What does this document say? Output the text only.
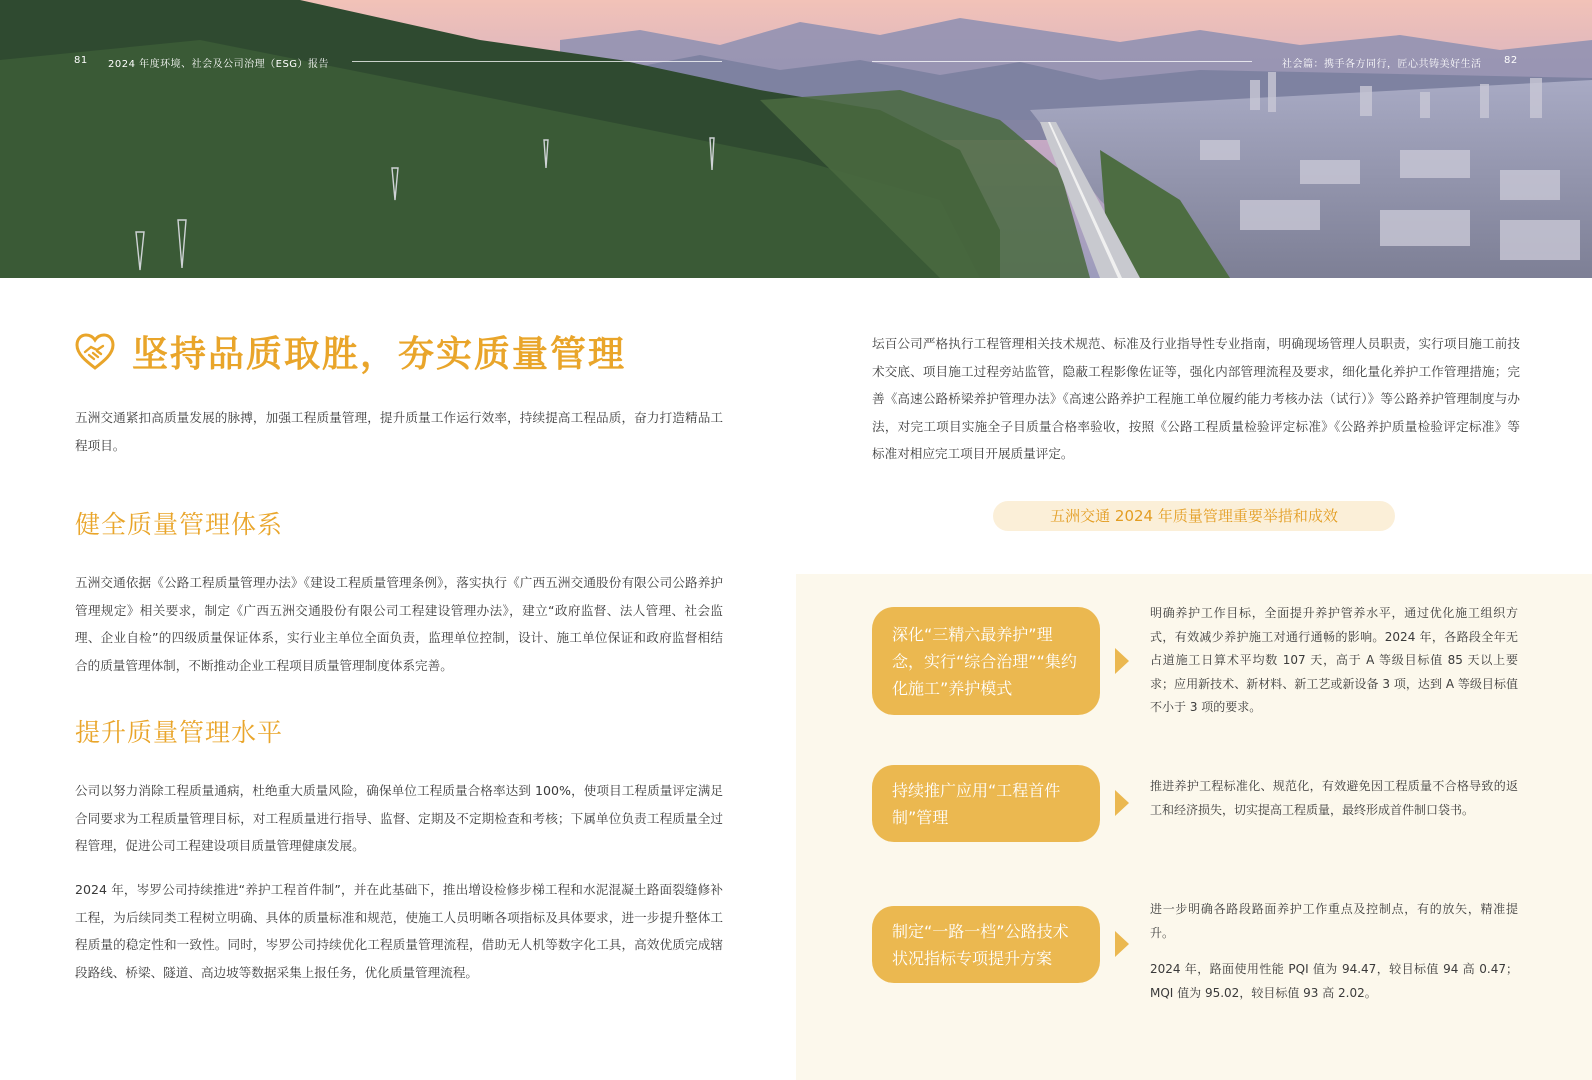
81 2024 年度环境、社会及公司治理（ESG）报告	社会篇：携手各方同行，匠心共铸美好生活 82
坚持品质取胜，夯实质量管理

五洲交通紧扣高质量发展的脉搏，加强工程质量管理，提升质量工作运行效率，持续提高工程品质，奋力打造精品工程项目。

健全质量管理体系

五洲交通依据《公路工程质量管理办法》《建设工程质量管理条例》，落实执行《广西五洲交通股份有限公司公路养护管理规定》相关要求，制定《广西五洲交通股份有限公司工程建设管理办法》，建立“政府监督、法人管理、社会监理、企业自检”的四级质量保证体系，实行业主单位全面负责，监理单位控制，设计、施工单位保证和政府监督相结合的质量管理体制，不断推动企业工程项目质量管理制度体系完善。

提升质量管理水平

公司以努力消除工程质量通病，杜绝重大质量风险，确保单位工程质量合格率达到 100%，使项目工程质量评定满足合同要求为工程质量管理目标，对工程质量进行指导、监督、定期及不定期检查和考核；下属单位负责工程质量全过程管理，促进公司工程建设项目质量管理健康发展。

2024 年，岑罗公司持续推进“养护工程首件制”，并在此基础下，推出增设检修步梯工程和水泥混凝土路面裂缝修补工程，为后续同类工程树立明确、具体的质量标准和规范，使施工人员明晰各项指标及具体要求，进一步提升整体工程质量的稳定性和一致性。同时，岑罗公司持续优化工程质量管理流程，借助无人机等数字化工具，高效优质完成辖段路线、桥梁、隧道、高边坡等数据采集上报任务，优化质量管理流程。

坛百公司严格执行工程管理相关技术规范、标准及行业指导性专业指南，明确现场管理人员职责，实行项目施工前技术交底、项目施工过程旁站监管，隐蔽工程影像佐证等，强化内部管理流程及要求，细化量化养护工作管理措施；完善《高速公路桥梁养护管理办法》《高速公路养护工程施工单位履约能力考核办法（试行）》等公路养护管理制度与办法，对完工项目实施全子目质量合格率验收，按照《公路工程质量检验评定标准》《公路养护质量检验评定标准》等标准对相应完工项目开展质量评定。

五洲交通 2024 年质量管理重要举措和成效
深化“三精六最养护”理念，实行“综合治理”“集约化施工”养护模式

明确养护工作目标，全面提升养护管养水平，通过优化施工组织方式，有效减少养护施工对通行通畅的影响。2024 年，各路段全年无占道施工日算术平均数 107 天，高于 A 等级目标值 85 天以上要求；应用新技术、新材料、新工艺或新设备 3 项，达到 A 等级目标值不小于 3 项的要求。

持续推广应用“工程首件制”管理

推进养护工程标准化、规范化，有效避免因工程质量不合格导致的返工和经济损失，切实提高工程质量，最终形成首件制口袋书。

制定“一路一档”公路技术状况指标专项提升方案

进一步明确各路段路面养护工作重点及控制点，有的放矢，精准提升。

2024 年，路面使用性能 PQI 值为 94.47，较目标值 94 高 0.47；MQI 值为 95.02，较目标值 93 高 2.02。
